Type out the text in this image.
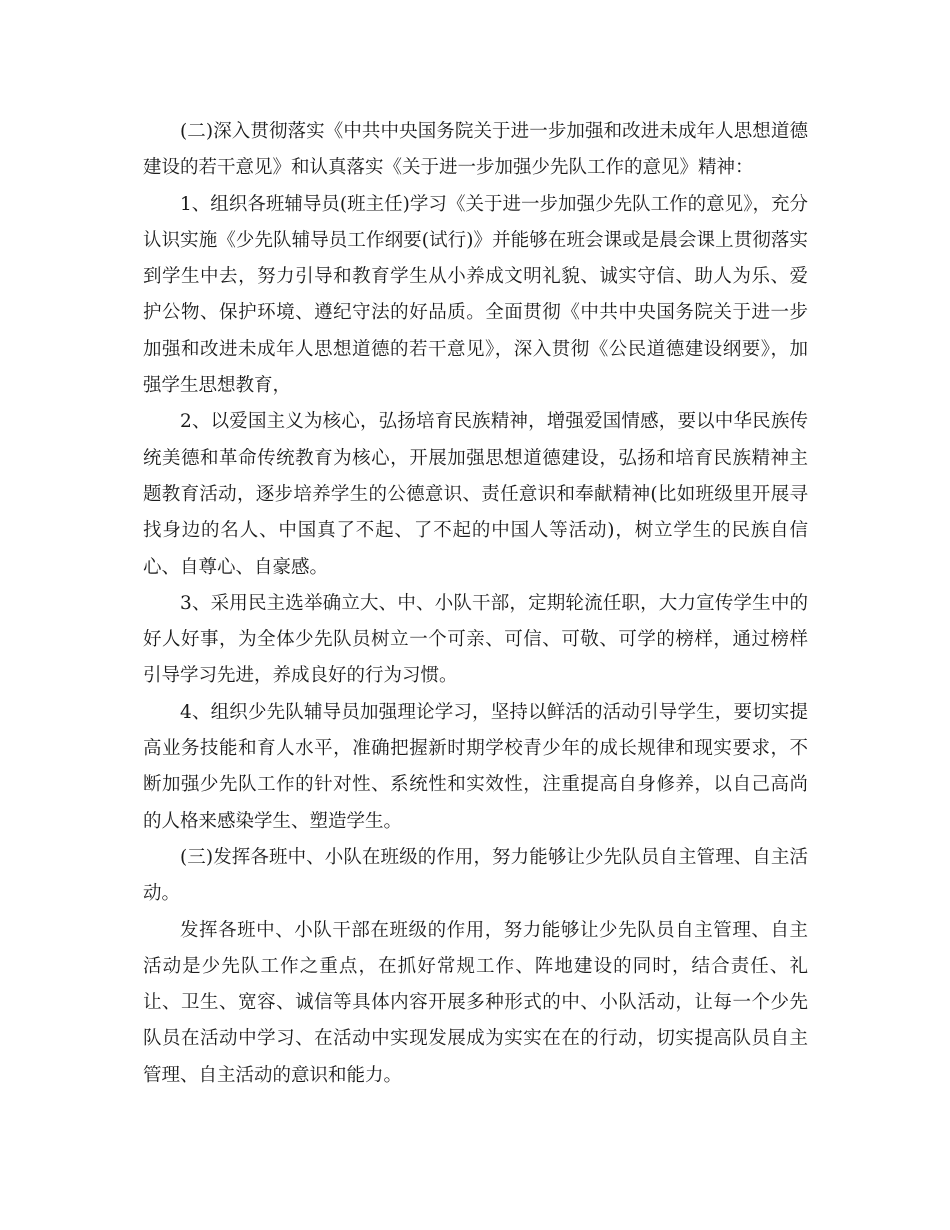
(二)深入贯彻落实《中共中央国务院关于进一步加强和改进未成年人思想道德建设的若干意见》和认真落实《关于进一步加强少先队工作的意见》精神：

1、组织各班辅导员(班主任)学习《关于进一步加强少先队工作的意见》，充分认识实施《少先队辅导员工作纲要(试行)》并能够在班会课或是晨会课上贯彻落实到学生中去，努力引导和教育学生从小养成文明礼貌、诚实守信、助人为乐、爱护公物、保护环境、遵纪守法的好品质。全面贯彻《中共中央国务院关于进一步加强和改进未成年人思想道德的若干意见》，深入贯彻《公民道德建设纲要》，加强学生思想教育，

2、以爱国主义为核心，弘扬培育民族精神，增强爱国情感，要以中华民族传统美德和革命传统教育为核心，开展加强思想道德建设，弘扬和培育民族精神主题教育活动，逐步培养学生的公德意识、责任意识和奉献精神(比如班级里开展寻找身边的名人、中国真了不起、了不起的中国人等活动)，树立学生的民族自信心、自尊心、自豪感。

3、采用民主选举确立大、中、小队干部，定期轮流任职，大力宣传学生中的好人好事，为全体少先队员树立一个可亲、可信、可敬、可学的榜样，通过榜样引导学习先进，养成良好的行为习惯。

4、组织少先队辅导员加强理论学习，坚持以鲜活的活动引导学生，要切实提高业务技能和育人水平，准确把握新时期学校青少年的成长规律和现实要求，不断加强少先队工作的针对性、系统性和实效性，注重提高自身修养，以自己高尚的人格来感染学生、塑造学生。

(三)发挥各班中、小队在班级的作用，努力能够让少先队员自主管理、自主活动。

发挥各班中、小队干部在班级的作用，努力能够让少先队员自主管理、自主活动是少先队工作之重点，在抓好常规工作、阵地建设的同时，结合责任、礼让、卫生、宽容、诚信等具体内容开展多种形式的中、小队活动，让每一个少先队员在活动中学习、在活动中实现发展成为实实在在的行动，切实提高队员自主管理、自主活动的意识和能力。
